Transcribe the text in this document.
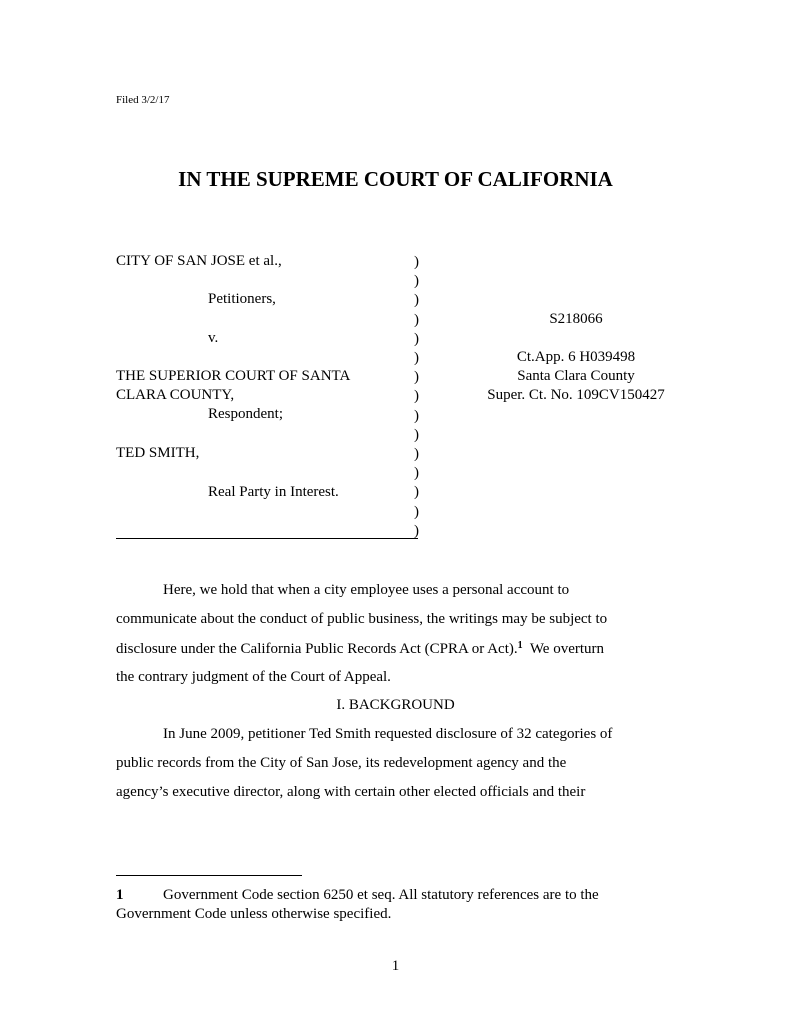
Filed 3/2/17
IN THE SUPREME COURT OF CALIFORNIA
CITY OF SAN JOSE et al.,
Petitioners,
v.
THE SUPERIOR COURT OF SANTA
CLARA COUNTY,
Respondent;
TED SMITH,
Real Party in Interest.
)
)
)
)
)
)
)
)
)
)
)
)
)
)
)
S218066
Ct.App. 6 H039498
Santa Clara County
Super. Ct. No. 109CV150427
Here, we hold that when a city employee uses a personal account to
communicate about the conduct of public business, the writings may be subject to
disclosure under the California Public Records Act (CPRA or Act).$^1$  We overturn
the contrary judgment of the Court of Appeal.
I. BACKGROUND
In June 2009, petitioner Ted Smith requested disclosure of 32 categories of
public records from the City of San Jose, its redevelopment agency and the
agency’s executive director, along with certain other elected officials and their
1	Government Code section 6250 et seq. All statutory references are to the
Government Code unless otherwise specified.
1
